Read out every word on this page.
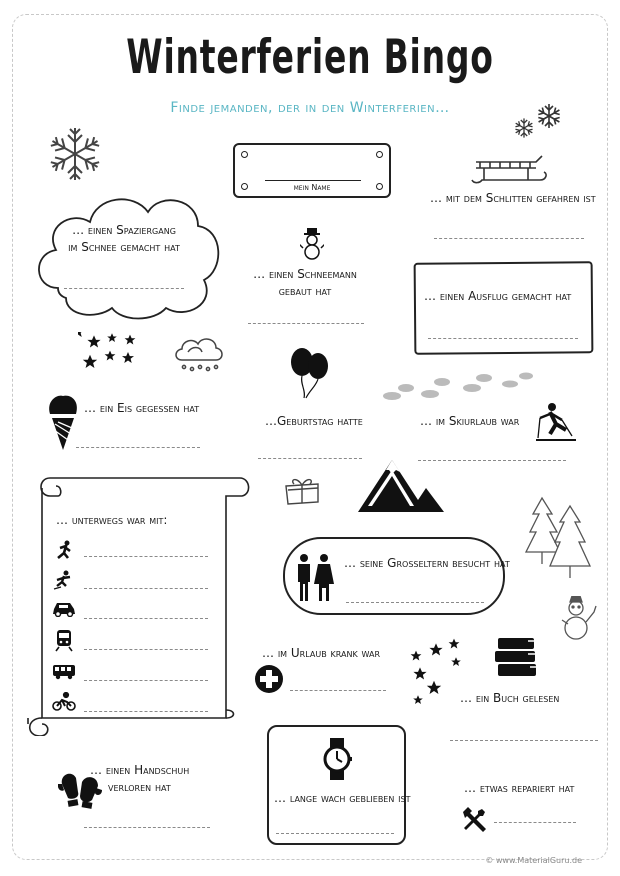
Winterferien Bingo
Finde jemanden, der in den Winterferien…
… einen Spaziergang
im Schnee gemacht hat
mein Name
… mit dem Schlitten gefahren ist
… einen Schneemann
gebaut hat	… einen Ausflug gemacht hat
…Geburtstag hatte
… ein Eis gegessen hat
… im Skiurlaub war
… unterwegs war mit:
… seine Großeltern besucht hat
… im Urlaub krank war
… ein Buch gelesen
… einen Handschuh
verloren hat
… lange wach geblieben ist
… etwas repariert hat
© www.MaterialGuru.de
